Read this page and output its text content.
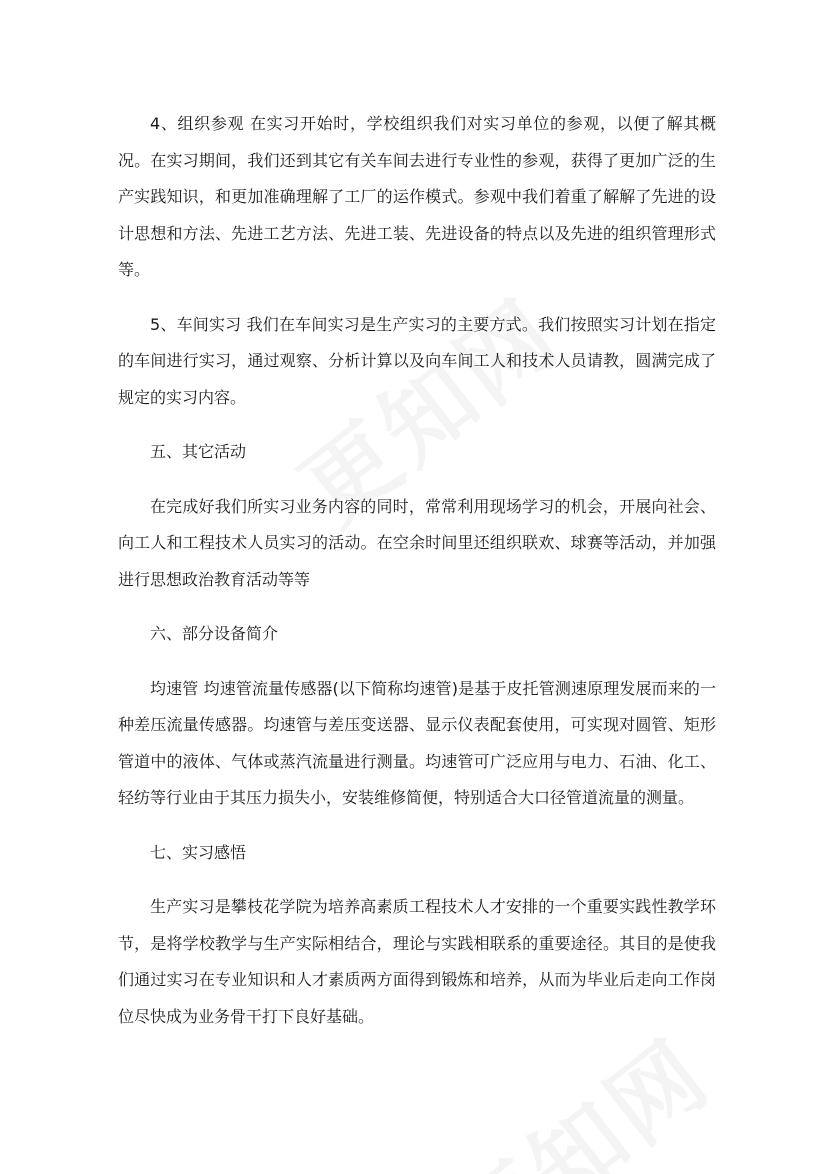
4、组织参观 在实习开始时，学校组织我们对实习单位的参观，以便了解其概况。在实习期间，我们还到其它有关车间去进行专业性的参观，获得了更加广泛的生产实践知识，和更加准确理解了工厂的运作模式。参观中我们着重了解解了先进的设计思想和方法、先进工艺方法、先进工装、先进设备的特点以及先进的组织管理形式等。

5、车间实习 我们在车间实习是生产实习的主要方式。我们按照实习计划在指定的车间进行实习，通过观察、分析计算以及向车间工人和技术人员请教，圆满完成了规定的实习内容。

五、其它活动

在完成好我们所实习业务内容的同时，常常利用现场学习的机会，开展向社会、向工人和工程技术人员实习的活动。在空余时间里还组织联欢、球赛等活动，并加强进行思想政治教育活动等等

六、部分设备简介

均速管 均速管流量传感器(以下简称均速管)是基于皮托管测速原理发展而来的一种差压流量传感器。均速管与差压变送器、显示仪表配套使用，可实现对圆管、矩形管道中的液体、气体或蒸汽流量进行测量。均速管可广泛应用与电力、石油、化工、轻纺等行业由于其压力损失小，安装维修简便，特别适合大口径管道流量的测量。

七、实习感悟

生产实习是攀枝花学院为培养高素质工程技术人才安排的一个重要实践性教学环节，是将学校教学与生产实际相结合，理论与实践相联系的重要途径。其目的是使我们通过实习在专业知识和人才素质两方面得到锻炼和培养，从而为毕业后走向工作岗位尽快成为业务骨干打下良好基础。
